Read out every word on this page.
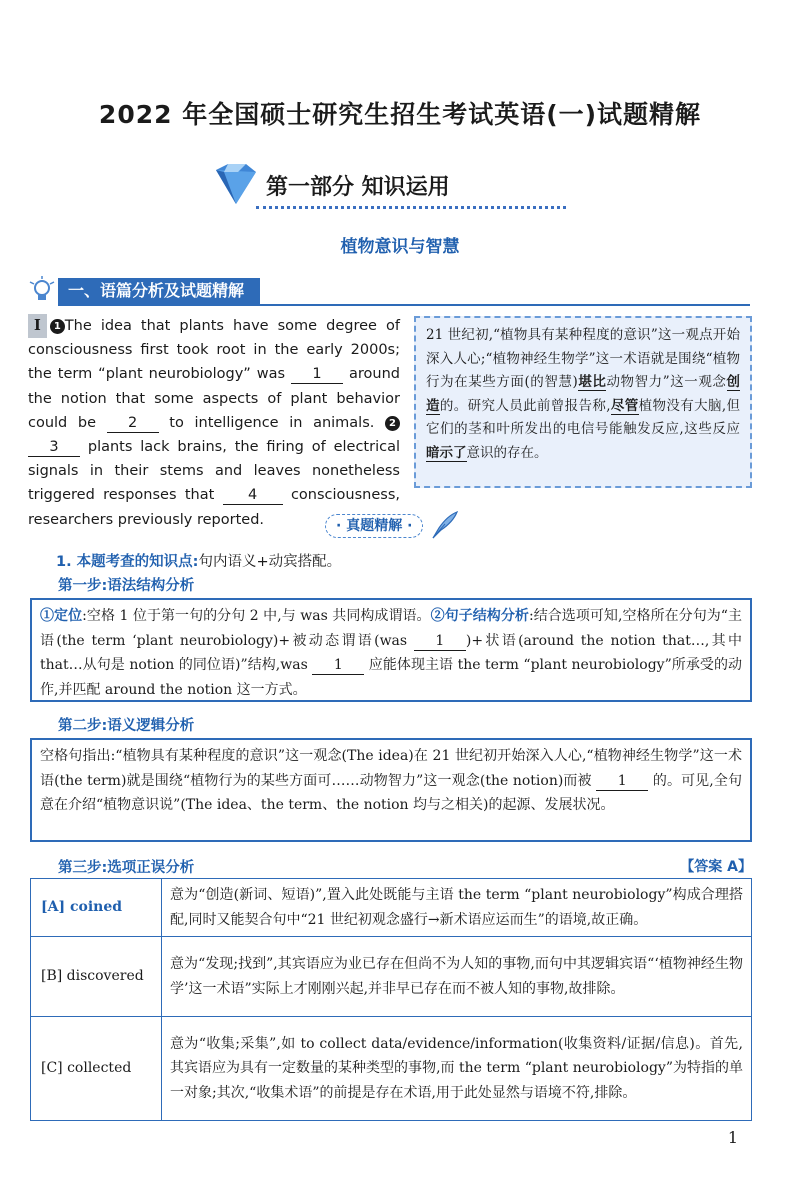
2022 年全国硕士研究生招生考试英语(一)试题精解
第一部分 知识运用
植物意识与智慧
一、语篇分析及试题精解
I 1 The idea that plants have some degree of consciousness first took root in the early 2000s; the term “plant neurobiology” was 1 around the notion that some aspects of plant behavior could be 2 to intelligence in animals. 2 3 plants lack brains, the firing of electrical signals in their stems and leaves nonetheless triggered responses that 4 consciousness, researchers previously reported.
21 世纪初,“植物具有某种程度的意识”这一观点开始深入人心;“植物神经生物学”这一术语就是围绕“植物行为在某些方面(的智慧)堪比动物智力”这一观念创造的。研究人员此前曾报告称,尽管植物没有大脑,但它们的茎和叶所发出的电信号能触发反应,这些反应暗示了意识的存在。
· 真题精解 ·
1. 本题考查的知识点:句内语义+动宾搭配。
第一步:语法结构分析
①定位:空格 1 位于第一句的分句 2 中,与 was 共同构成谓语。②句子结构分析:结合选项可知,空格所在分句为“主语(the term ‘plant neurobiology)+被动态谓语(was 1 )+状语(around the notion that…,其中 that…从句是 notion 的同位语)”结构,was 1 应能体现主语 the term “plant neurobiology”所承受的动作,并匹配 around the notion 这一方式。
第二步:语义逻辑分析
空格句指出:“植物具有某种程度的意识”这一观念(The idea)在 21 世纪初开始深入人心,“植物神经生物学”这一术语(the term)就是围绕“植物行为的某些方面可……动物智力”这一观念(the notion)而被 1 的。可见,全句意在介绍“植物意识说”(The idea、the term、the notion 均与之相关)的起源、发展状况。
第三步:选项正误分析	【答案 A】
[A] coined	意为“创造(新词、短语)”,置入此处既能与主语 the term “plant neurobiology”构成合理搭配,同时又能契合句中“21 世纪初观念盛行→新术语应运而生”的语境,故正确。
[B] discovered	意为“发现;找到”,其宾语应为业已存在但尚不为人知的事物,而句中其逻辑宾语“‘植物神经生物学’这一术语”实际上才刚刚兴起,并非早已存在而不被人知的事物,故排除。
[C] collected	意为“收集;采集”,如 to collect data/evidence/information(收集资料/证据/信息)。首先,其宾语应为具有一定数量的某种类型的事物,而 the term “plant neurobiology”为特指的单一对象;其次,“收集术语”的前提是存在术语,用于此处显然与语境不符,排除。
1
